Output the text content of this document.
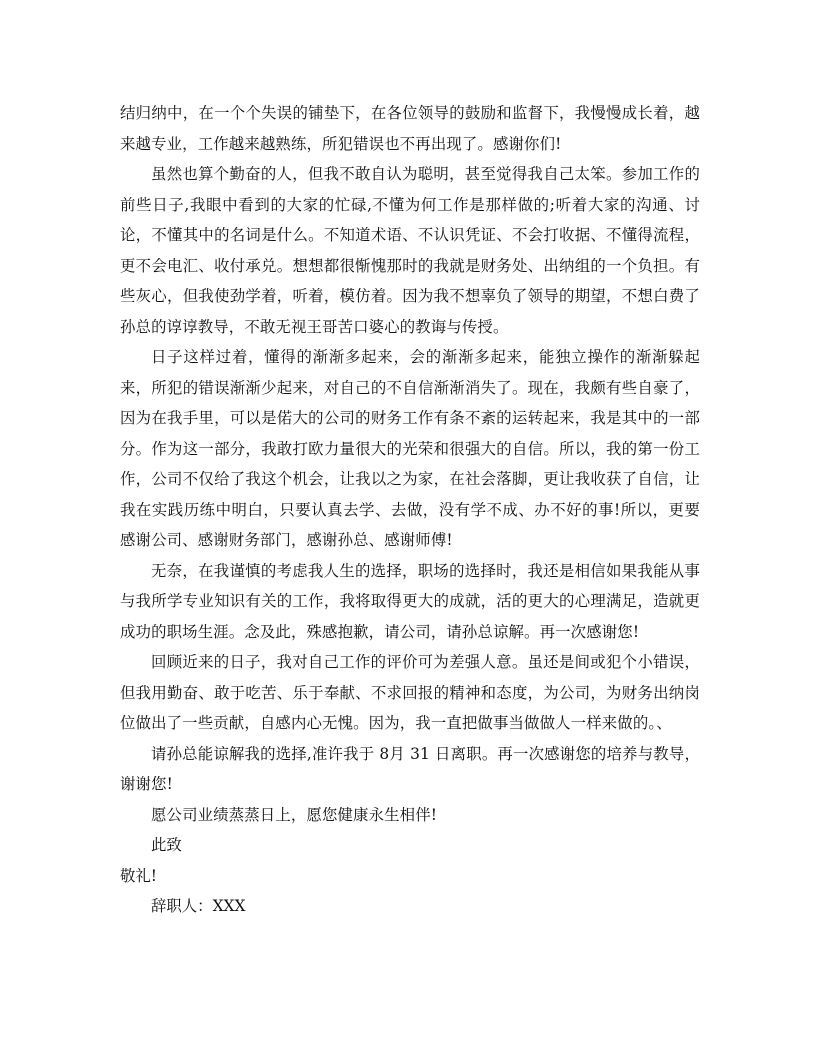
结归纳中，在一个个失误的铺垫下，在各位领导的鼓励和监督下，我慢慢成长着，越来越专业，工作越来越熟练，所犯错误也不再出现了。感谢你们!

虽然也算个勤奋的人，但我不敢自认为聪明，甚至觉得我自己太笨。参加工作的前些日子,我眼中看到的大家的忙碌,不懂为何工作是那样做的;听着大家的沟通、讨论，不懂其中的名词是什么。不知道术语、不认识凭证、不会打收据、不懂得流程，更不会电汇、收付承兑。想想都很惭愧那时的我就是财务处、出纳组的一个负担。有些灰心，但我使劲学着，听着，模仿着。因为我不想辜负了领导的期望，不想白费了孙总的谆谆教导，不敢无视王哥苦口婆心的教诲与传授。

日子这样过着，懂得的渐渐多起来，会的渐渐多起来，能独立操作的渐渐躲起来，所犯的错误渐渐少起来，对自己的不自信渐渐消失了。现在，我颇有些自豪了，因为在我手里，可以是偌大的公司的财务工作有条不紊的运转起来，我是其中的一部分。作为这一部分，我敢打欧力量很大的光荣和很强大的自信。所以，我的第一份工作，公司不仅给了我这个机会，让我以之为家，在社会落脚，更让我收获了自信，让我在实践历练中明白，只要认真去学、去做，没有学不成、办不好的事!所以，更要感谢公司、感谢财务部门，感谢孙总、感谢师傅!

无奈，在我谨慎的考虑我人生的选择，职场的选择时，我还是相信如果我能从事与我所学专业知识有关的工作，我将取得更大的成就，活的更大的心理满足，造就更成功的职场生涯。念及此，殊感抱歉，请公司，请孙总谅解。再一次感谢您!

回顾近来的日子，我对自己工作的评价可为差强人意。虽还是间或犯个小错误，但我用勤奋、敢于吃苦、乐于奉献、不求回报的精神和态度，为公司，为财务出纳岗位做出了一些贡献，自感内心无愧。因为，我一直把做事当做做人一样来做的。、

请孙总能谅解我的选择,准许我于 8月 31 日离职。再一次感谢您的培养与教导，谢谢您!

愿公司业绩蒸蒸日上，愿您健康永生相伴!

此致

敬礼!

辞职人：XXX
